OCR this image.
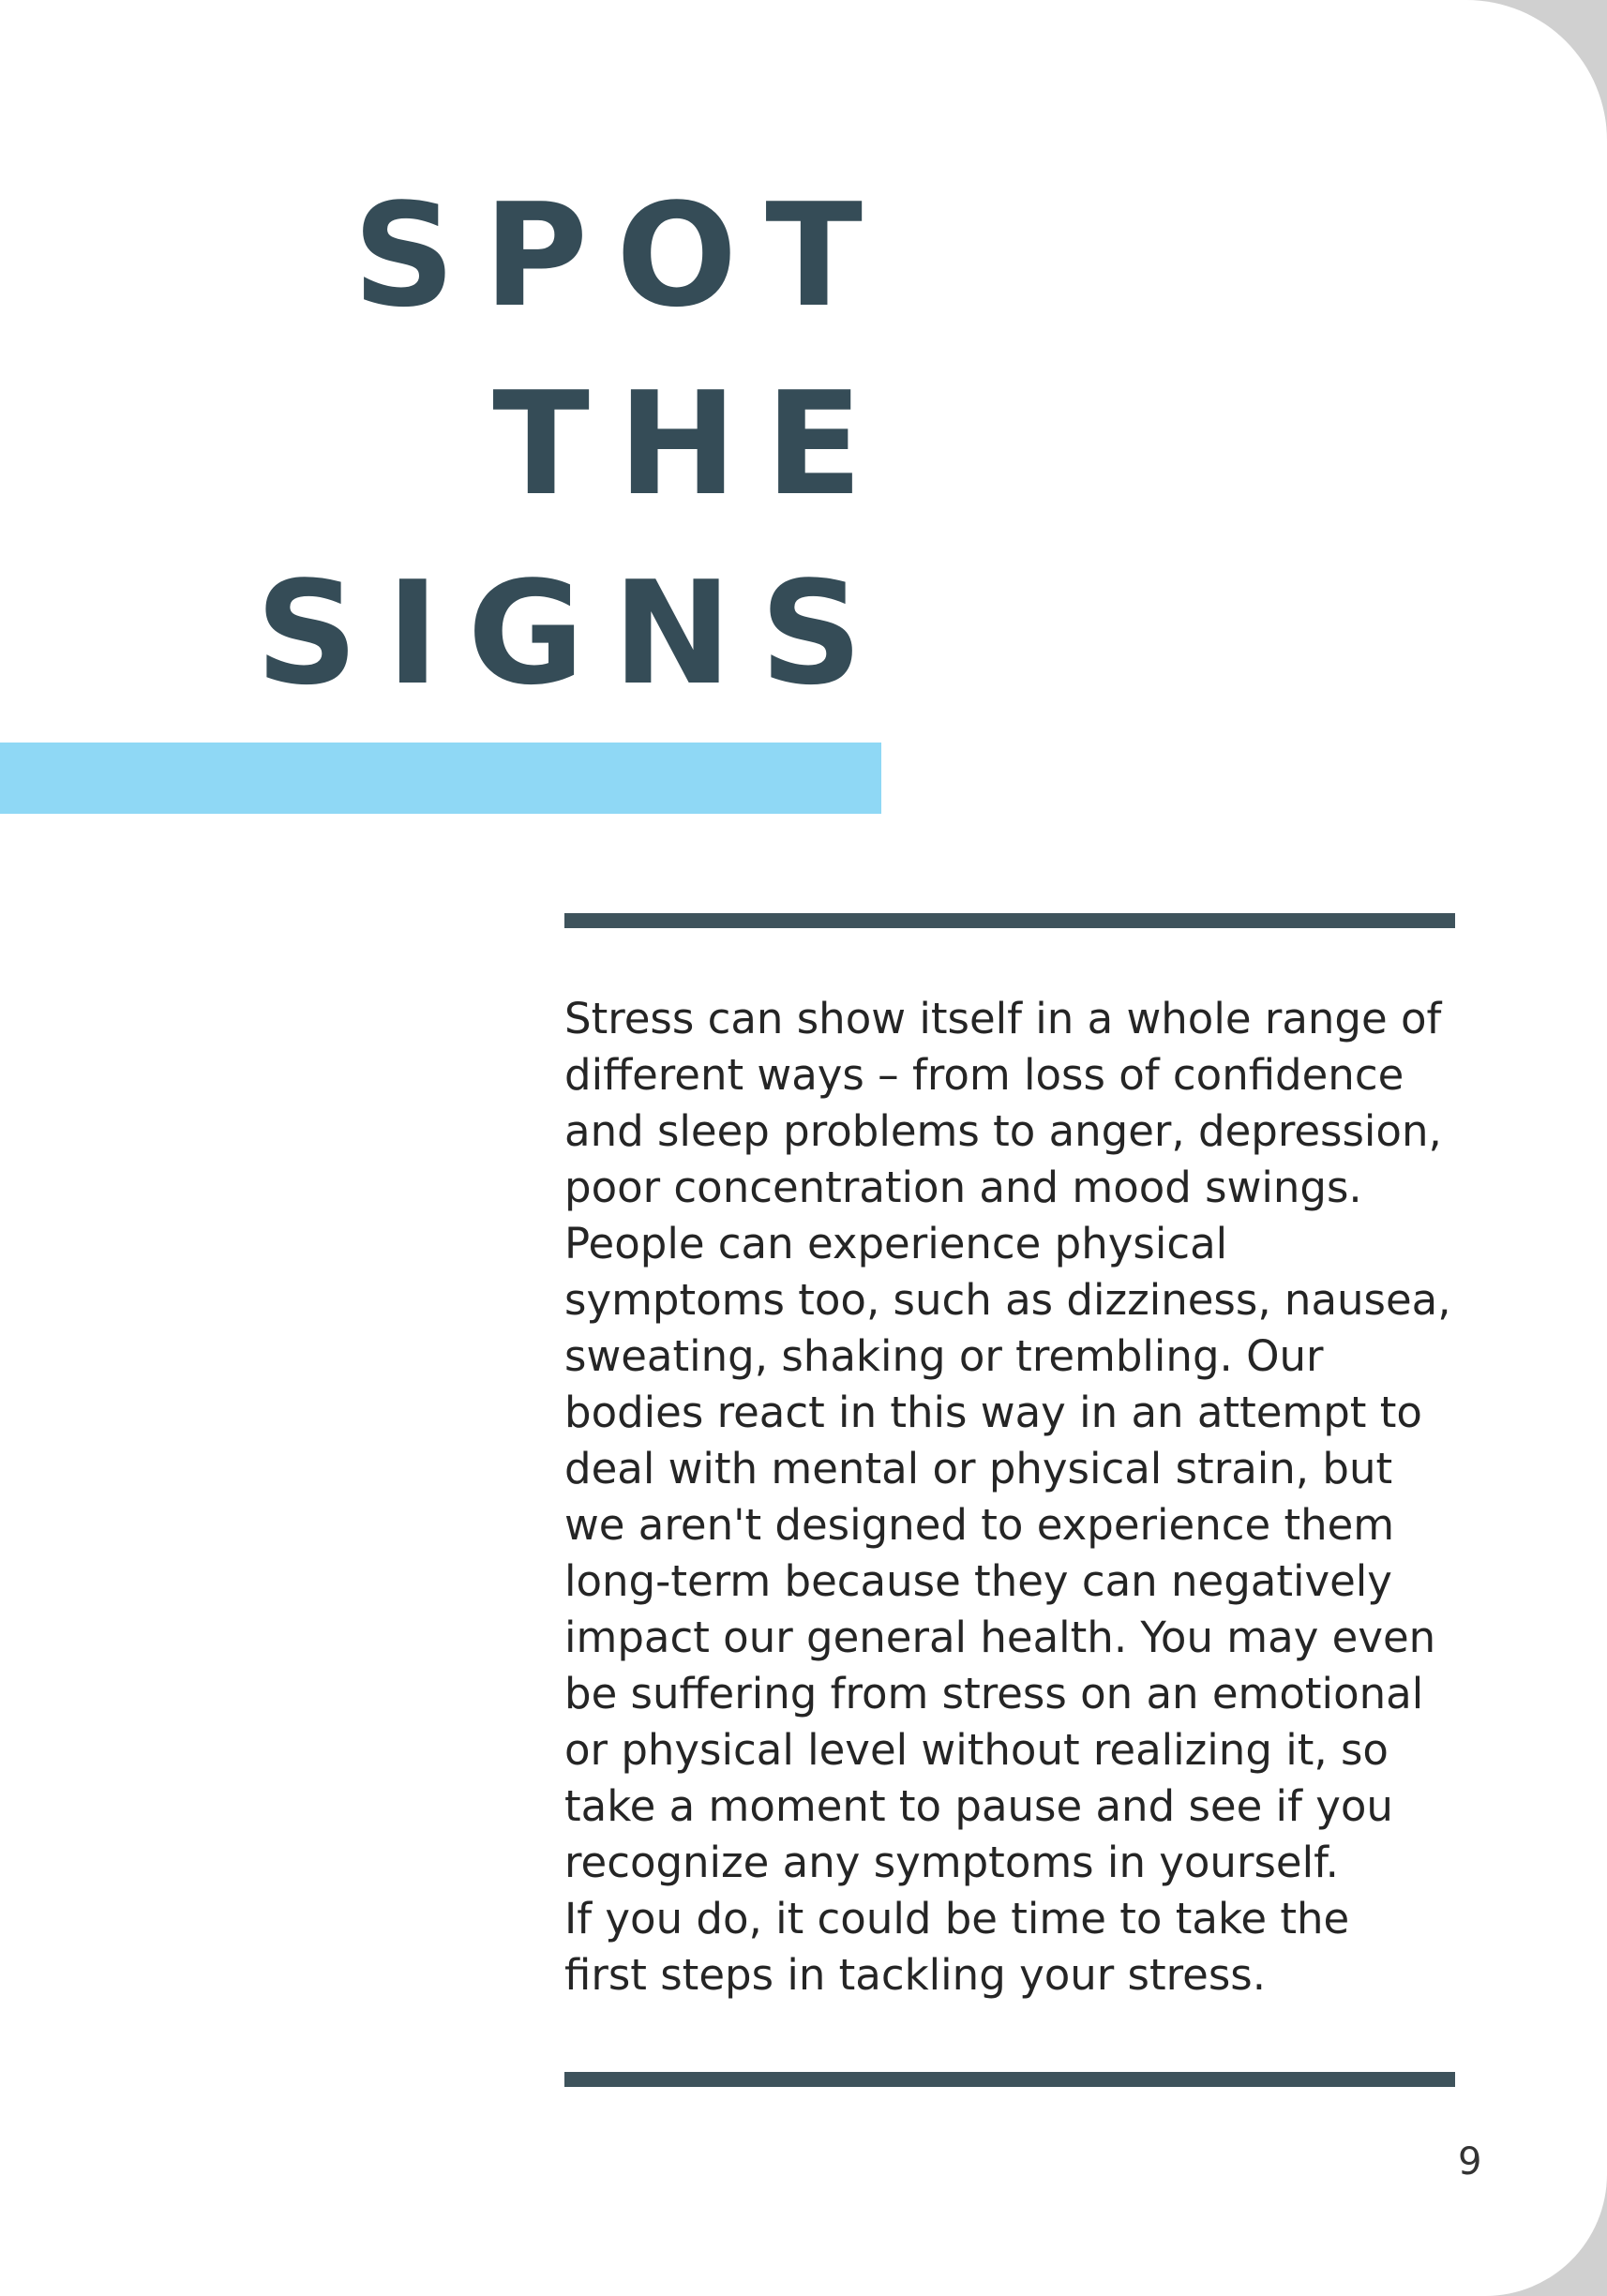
SPOT
THE
SIGNS
Stress can show itself in a whole range of
different ways – from loss of confidence
and sleep problems to anger, depression,
poor concentration and mood swings.
People can experience physical
symptoms too, such as dizziness, nausea,
sweating, shaking or trembling. Our
bodies react in this way in an attempt to
deal with mental or physical strain, but
we aren't designed to experience them
long-term because they can negatively
impact our general health. You may even
be suffering from stress on an emotional
or physical level without realizing it, so
take a moment to pause and see if you
recognize any symptoms in yourself.
If you do, it could be time to take the
first steps in tackling your stress.
9
